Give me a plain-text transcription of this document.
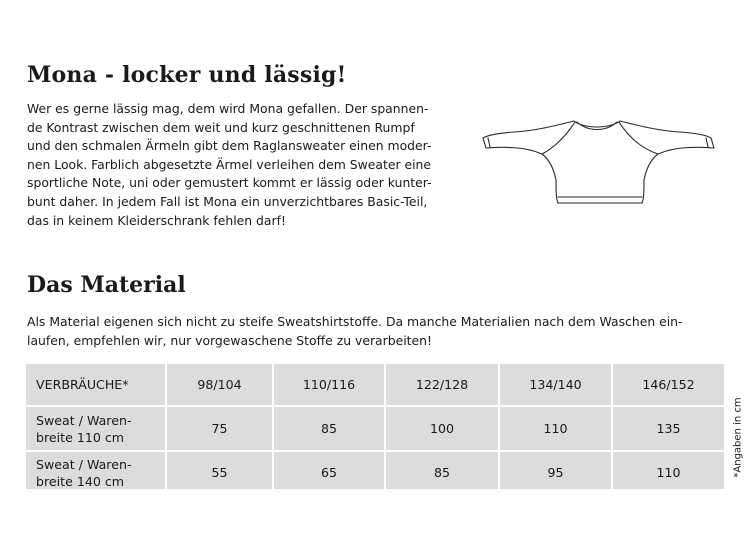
Mona - locker und lässig!

Wer es gerne lässig mag, dem wird Mona gefallen. Der spannen-
de Kontrast zwischen dem weit und kurz geschnittenen Rumpf
und den schmalen Ärmeln gibt dem Raglansweater einen moder-
nen Look. Farblich abgesetzte Ärmel verleihen dem Sweater eine
sportliche Note, uni oder gemustert kommt er lässig oder kunter-
bunt daher. In jedem Fall ist Mona ein unverzichtbares Basic-Teil,
das in keinem Kleiderschrank fehlen darf!

Das Material

Als Material eigenen sich nicht zu steife Sweatshirtstoffe. Da manche Materialien nach dem Waschen ein-
laufen, empfehlen wir, nur vorgewaschene Stoffe zu verarbeiten!

VERBRÄUCHE*	98/104	110/116	122/128	134/140	146/152
Sweat / Waren-
breite 110 cm	75	85	100	110	135
Sweat / Waren-
breite 140 cm	55	65	85	95	110	*Angaben in cm
